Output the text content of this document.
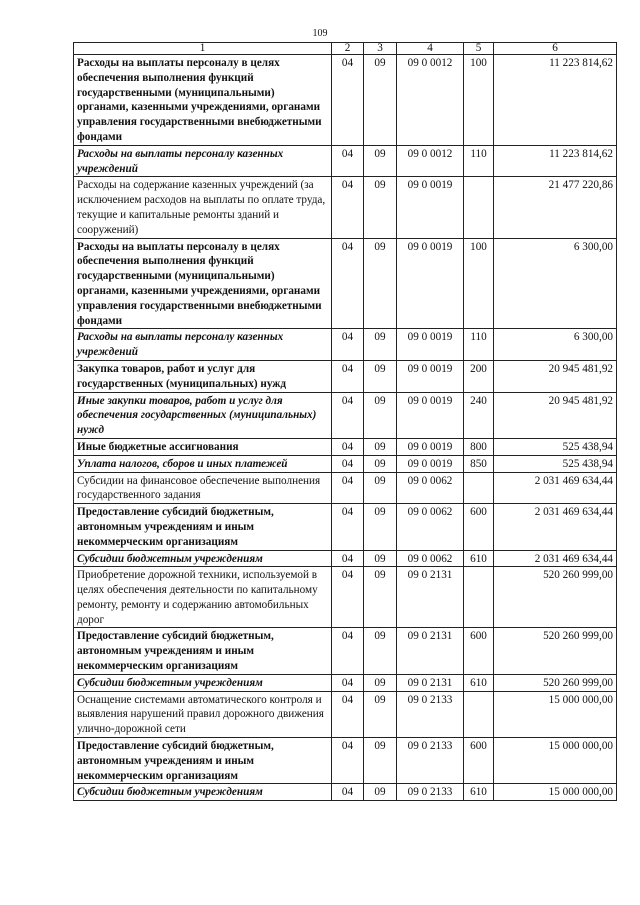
109
1	2	3	4	5	6
Расходы на выплаты персоналу в целях обеспечения выполнения функций государственными (муниципальными) органами, казенными учреждениями, органами управления государственными внебюджетными фондами	04	09	09 0 0012	100	11 223 814,62
Расходы на выплаты персоналу казенных учреждений	04	09	09 0 0012	110	11 223 814,62
Расходы на содержание казенных учреждений (за исключением расходов на выплаты по оплате труда, текущие и капитальные ремонты зданий и сооружений)	04	09	09 0 0019		21 477 220,86
Расходы на выплаты персоналу в целях обеспечения выполнения функций государственными (муниципальными) органами, казенными учреждениями, органами управления государственными внебюджетными фондами	04	09	09 0 0019	100	6 300,00
Расходы на выплаты персоналу казенных учреждений	04	09	09 0 0019	110	6 300,00
Закупка товаров, работ и услуг для государственных (муниципальных) нужд	04	09	09 0 0019	200	20 945 481,92
Иные закупки товаров, работ и услуг для обеспечения государственных (муниципальных) нужд	04	09	09 0 0019	240	20 945 481,92
Иные бюджетные ассигнования	04	09	09 0 0019	800	525 438,94
Уплата налогов, сборов и иных платежей	04	09	09 0 0019	850	525 438,94
Субсидии на финансовое обеспечение выполнения государственного задания	04	09	09 0 0062		2 031 469 634,44
Предоставление субсидий бюджетным, автономным учреждениям и иным некоммерческим организациям	04	09	09 0 0062	600	2 031 469 634,44
Субсидии бюджетным учреждениям	04	09	09 0 0062	610	2 031 469 634,44
Приобретение дорожной техники, используемой в целях обеспечения деятельности по капитальному ремонту, ремонту и содержанию автомобильных дорог	04	09	09 0 2131		520 260 999,00
Предоставление субсидий бюджетным, автономным учреждениям и иным некоммерческим организациям	04	09	09 0 2131	600	520 260 999,00
Субсидии бюджетным учреждениям	04	09	09 0 2131	610	520 260 999,00
Оснащение системами автоматического контроля и выявления нарушений правил дорожного движения улично-дорожной сети	04	09	09 0 2133		15 000 000,00
Предоставление субсидий бюджетным, автономным учреждениям и иным некоммерческим организациям	04	09	09 0 2133	600	15 000 000,00
Субсидии бюджетным учреждениям	04	09	09 0 2133	610	15 000 000,00
